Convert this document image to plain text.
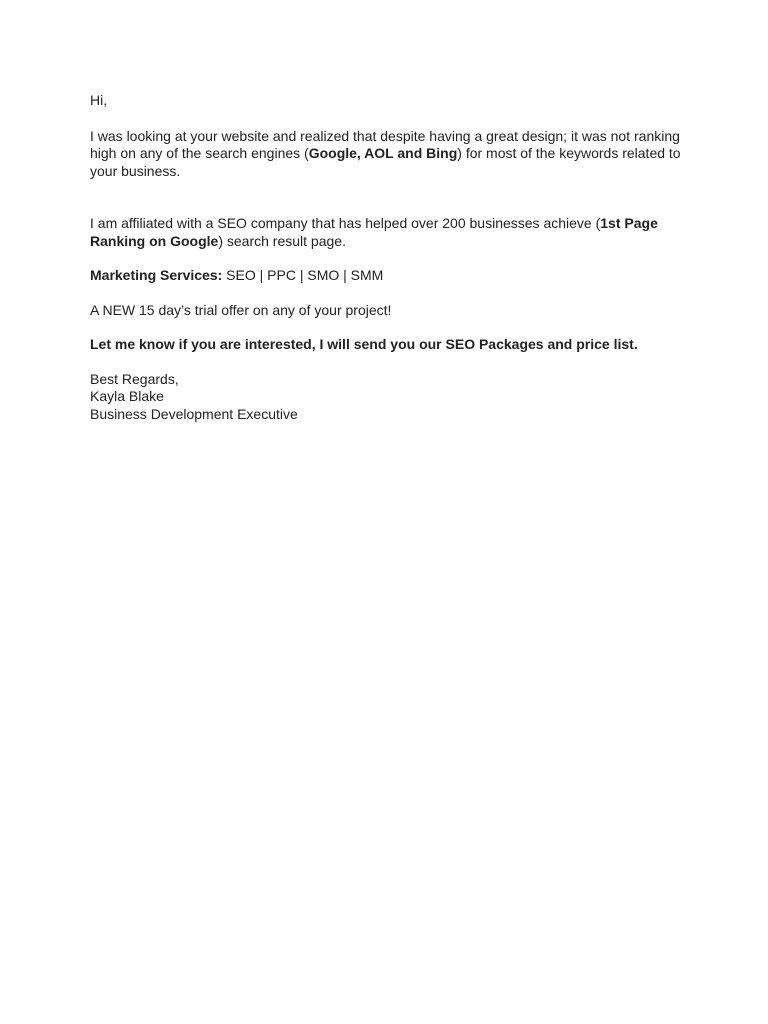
Hi,

I was looking at your website and realized that despite having a great design; it was not ranking high on any of the search engines (Google, AOL and Bing) for most of the keywords related to your business.

I am affiliated with a SEO company that has helped over 200 businesses achieve (1st Page Ranking on Google) search result page.

Marketing Services: SEO | PPC | SMO | SMM

A NEW 15 day’s trial offer on any of your project!

Let me know if you are interested, I will send you our SEO Packages and price list.

Best Regards,
Kayla Blake
Business Development Executive
